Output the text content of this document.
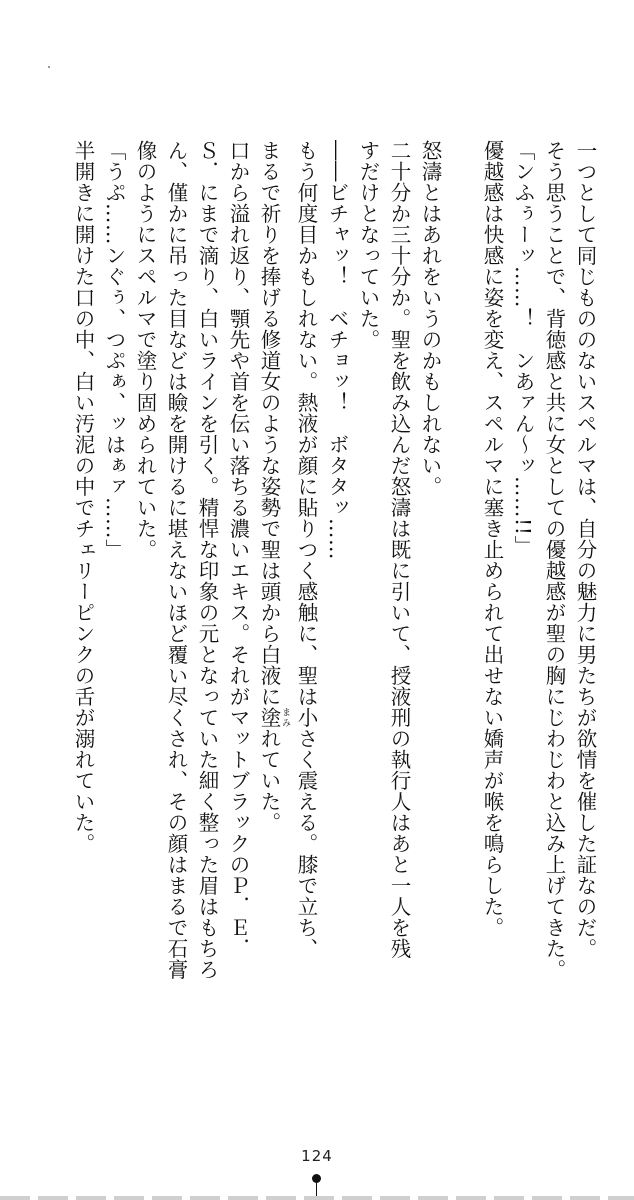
一つとして同じもののないスペルマは、自分の魅力に男たちが欲情を催した証なのだ。
そう思うことで、背徳感と共に女としての優越感が聖の胸にじわじわと込み上げてきた。
「ンふぅーッ……！　ンあァん～ッ……!!」
優越感は快感に姿を変え、スペルマに塞き止められて出せない嬌声が喉を鳴らした。

怒濤とはあれをいうのかもしれない。
二十分か三十分か。聖を飲み込んだ怒濤は既に引いて、授液刑の執行人はあと一人を残
すだけとなっていた。
――ビチャッ！　ベチョッ！　ボタタッ……
もう何度目かもしれない。熱液が顔に貼りつく感触に、聖は小さく震える。膝で立ち、
まるで祈りを捧げる修道女のような姿勢で聖は頭から白液に塗 まみれていた。
口から溢れ返り、顎先や首を伝い落ちる濃いエキス。それがマットブラックのＰ．Ｅ．
Ｓ．にまで滴り、白いラインを引く。精悍な印象の元となっていた細く整った眉はもちろ
ん、僅かに吊った目などは瞼を開けるに堪えないほど覆い尽くされ、その顔はまるで石膏
像のようにスペルマで塗り固められていた。
「うぷ……ンぐぅ、つぷぁ、ッはぁァ……」
半開きに開けた口の中、白い汚泥の中でチェリーピンクの舌が溺れていた。
124
